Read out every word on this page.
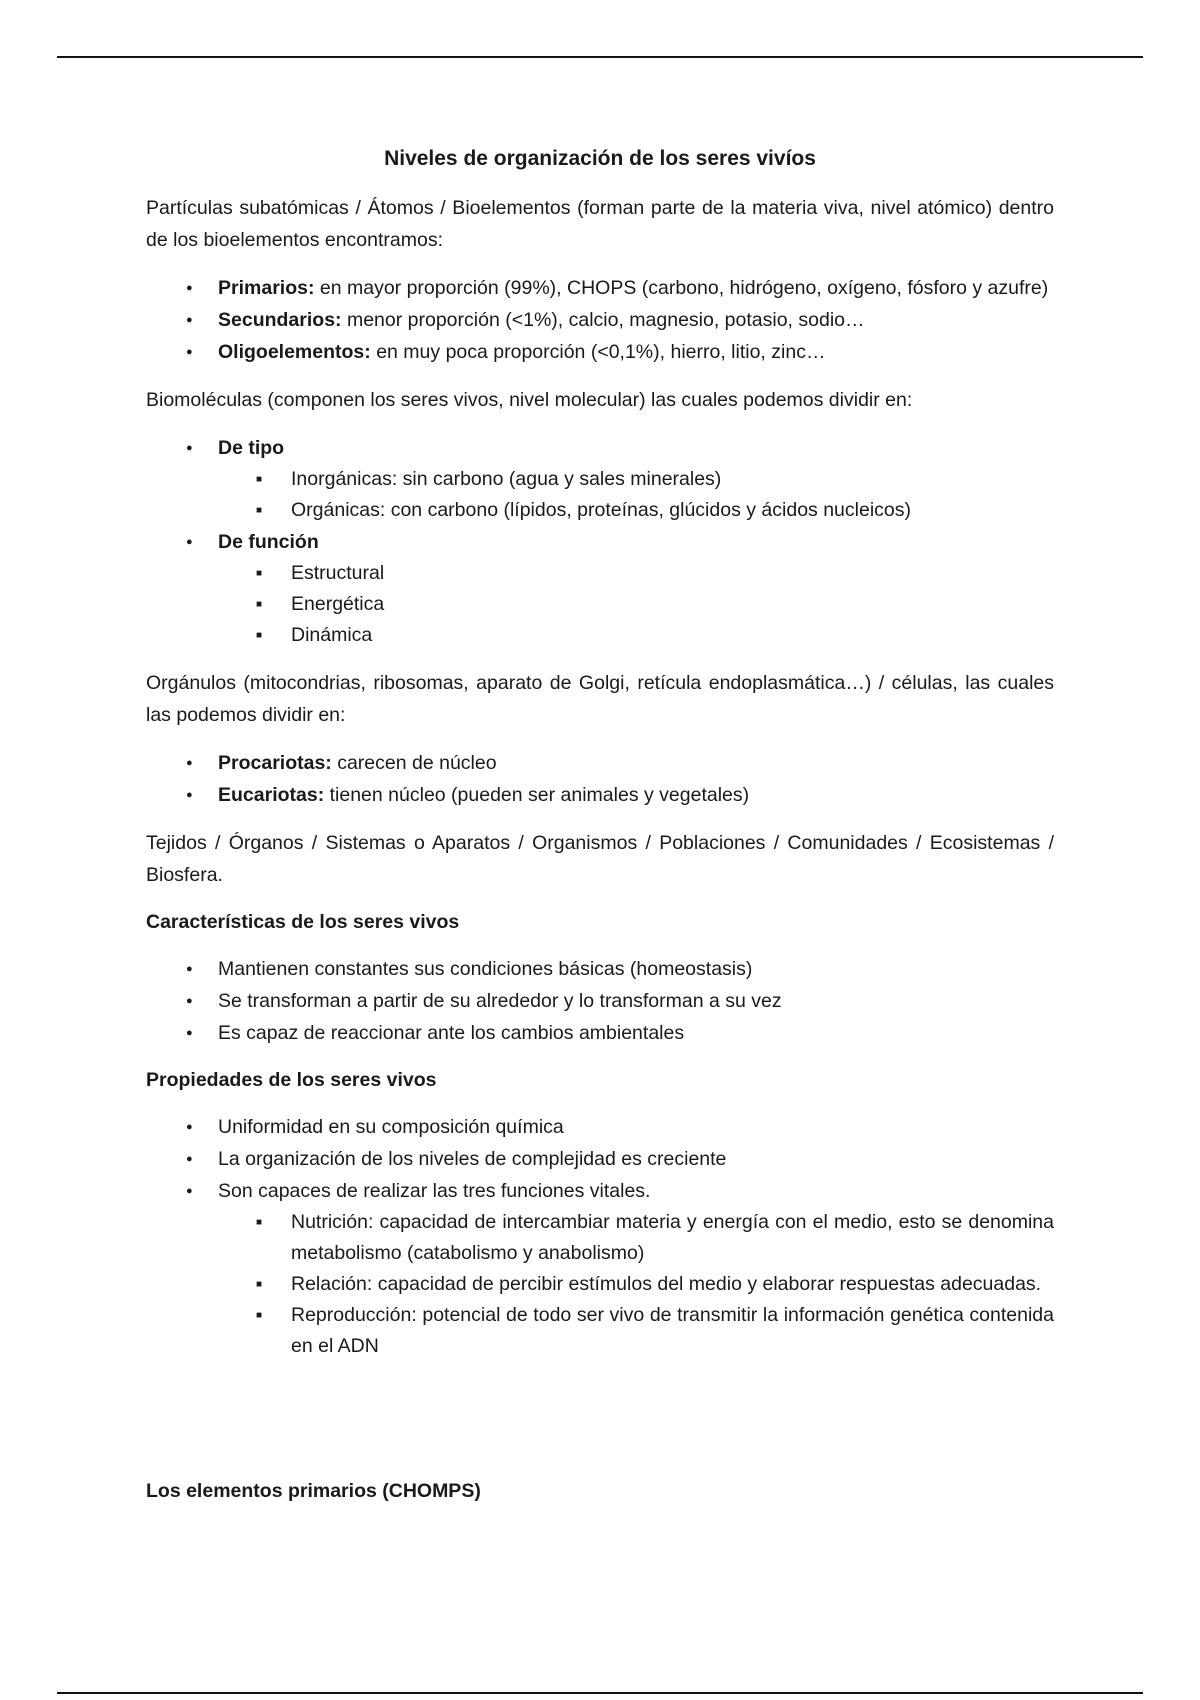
Niveles de organización de los seres vivíos

Partículas subatómicas / Átomos / Bioelementos (forman parte de la materia viva, nivel atómico) dentro de los bioelementos encontramos:

● Primarios: en mayor proporción (99%), CHOPS (carbono, hidrógeno, oxígeno, fósforo y azufre)
● Secundarios: menor proporción (<1%), calcio, magnesio, potasio, sodio…
● Oligoelementos: en muy poca proporción (<0,1%), hierro, litio, zinc…

Biomoléculas (componen los seres vivos, nivel molecular) las cuales podemos dividir en:

● De tipo
■ Inorgánicas: sin carbono (agua y sales minerales)
■ Orgánicas: con carbono (lípidos, proteínas, glúcidos y ácidos nucleicos)
● De función
■ Estructural
■ Energética
■ Dinámica

Orgánulos (mitocondrias, ribosomas, aparato de Golgi, retícula endoplasmática…) / células, las cuales las podemos dividir en:

● Procariotas: carecen de núcleo
● Eucariotas: tienen núcleo (pueden ser animales y vegetales)

Tejidos / Órganos / Sistemas o Aparatos / Organismos / Poblaciones / Comunidades / Ecosistemas / Biosfera.

Características de los seres vivos
● Mantienen constantes sus condiciones básicas (homeostasis)
● Se transforman a partir de su alrededor y lo transforman a su vez
● Es capaz de reaccionar ante los cambios ambientales
Propiedades de los seres vivos
● Uniformidad en su composición química
● La organización de los niveles de complejidad es creciente
● Son capaces de realizar las tres funciones vitales.
■ Nutrición: capacidad de intercambiar materia y energía con el medio, esto se denomina metabolismo (catabolismo y anabolismo)
■ Relación: capacidad de percibir estímulos del medio y elaborar respuestas adecuadas.
■ Reproducción: potencial de todo ser vivo de transmitir la información genética contenida en el ADN
Los elementos primarios (CHOMPS)
